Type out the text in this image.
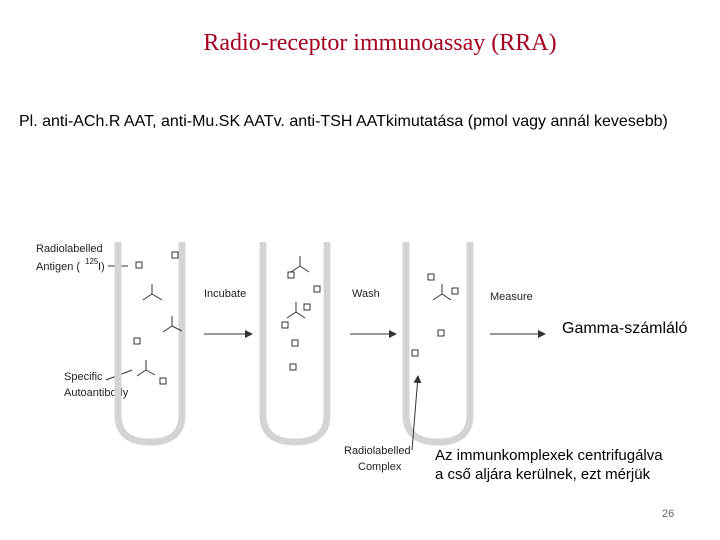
Radio-receptor immunoassay (RRA)
Pl. anti-ACh.R AAT, anti-Mu.SK AATv. anti-TSH AATkimutatása (pmol vagy annál kevesebb)
Radiolabelled
Antigen ( 125 I)
Specific
Autoantibody
Incubate	Wash	Measure
Radiolabelled
Complex
Gamma-számláló
Az immunkomplexek centrifugálva a cső aljára kerülnek, ezt mérjük
26
